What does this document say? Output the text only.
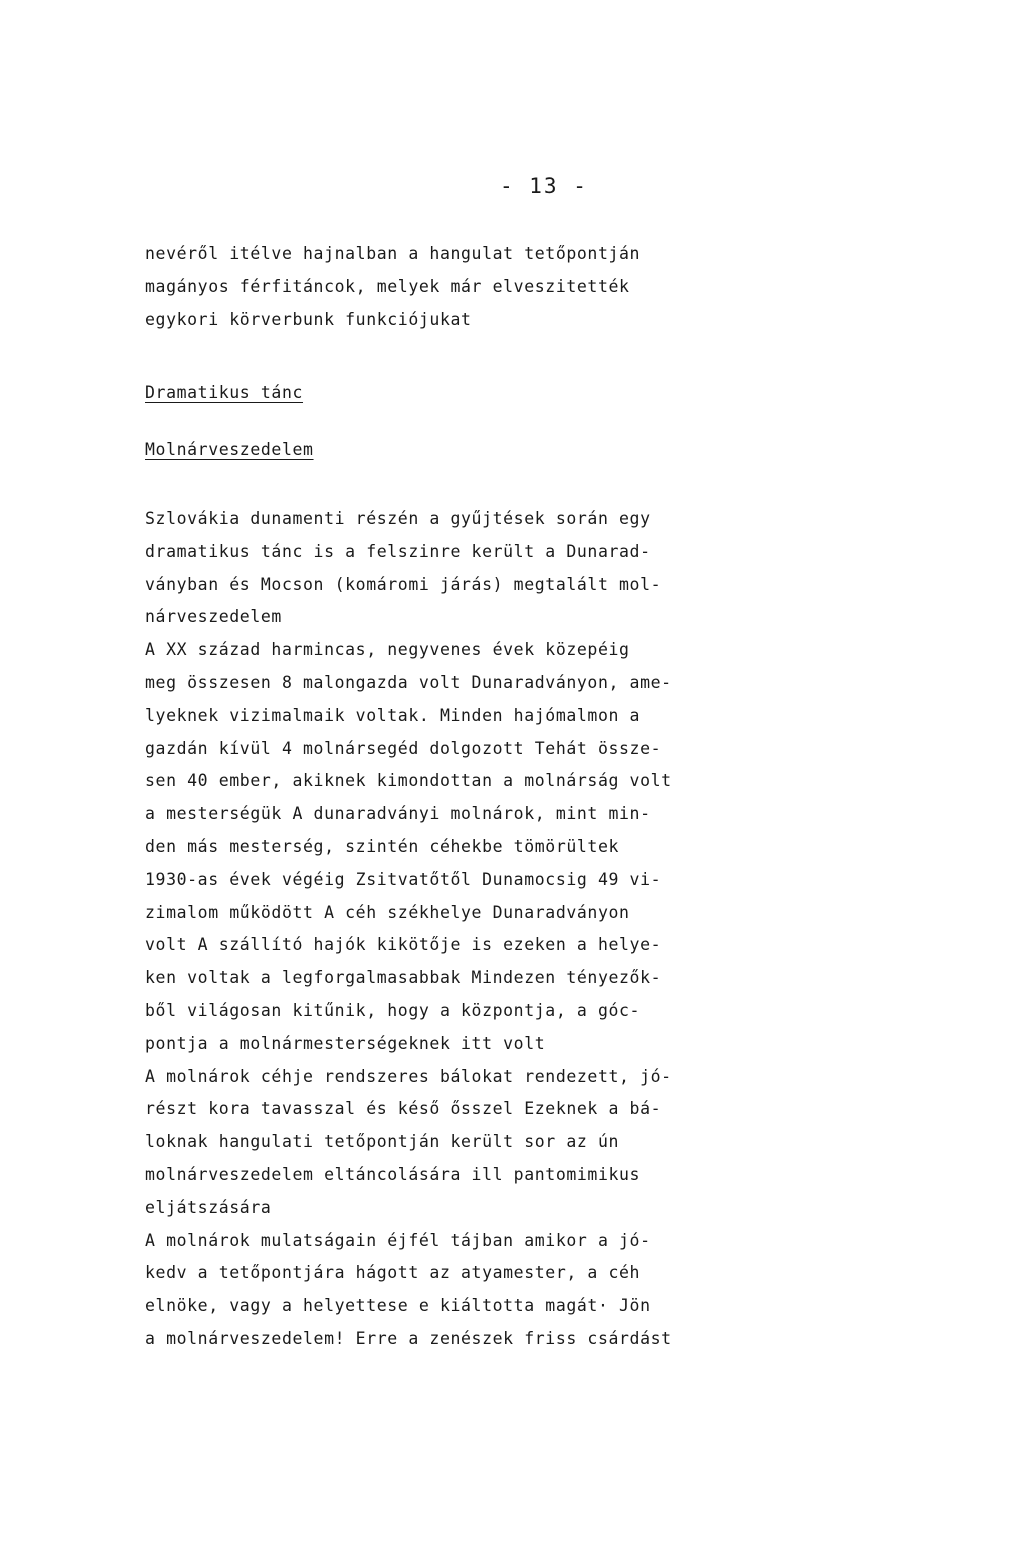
- 13 -
nevéről itélve hajnalban a hangulat tetőpontján
magányos férfitáncok, melyek már elveszitették
egykori körverbunk funkciójukat
Dramatikus tánc
Molnárveszedelem
Szlovákia dunamenti részén a gyűjtések során egy
dramatikus tánc is a felszinre került a Dunarad-
ványban és Mocson (komáromi járás) megtalált mol-
nárveszedelem
A XX század harmincas, negyvenes évek közepéig
meg összesen 8 malongazda volt Dunaradványon, ame-
lyeknek vizimalmaik voltak. Minden hajómalmon a
gazdán kívül 4 molnársegéd dolgozott Tehát össze-
sen 40 ember, akiknek kimondottan a molnárság volt
a mesterségük A dunaradványi molnárok, mint min-
den más mesterség, szintén céhekbe tömörültek
1930-as évek végéig Zsitvatőtől Dunamocsig 49 vi-
zimalom működött A céh székhelye Dunaradványon
volt A szállító hajók kikötője is ezeken a helye-
ken voltak a legforgalmasabbak Mindezen tényezők-
ből világosan kitűnik, hogy a központja, a góc-
pontja a molnármesterségeknek itt volt
A molnárok céhje rendszeres bálokat rendezett, jó-
részt kora tavasszal és késő ősszel Ezeknek a bá-
loknak hangulati tetőpontján került sor az ún
molnárveszedelem eltáncolására ill pantomimikus
eljátszására
A molnárok mulatságain éjfél tájban amikor a jó-
kedv a tetőpontjára hágott az atyamester, a céh
elnöke, vagy a helyettese e kiáltotta magát· Jön
a molnárveszedelem! Erre a zenészek friss csárdást
